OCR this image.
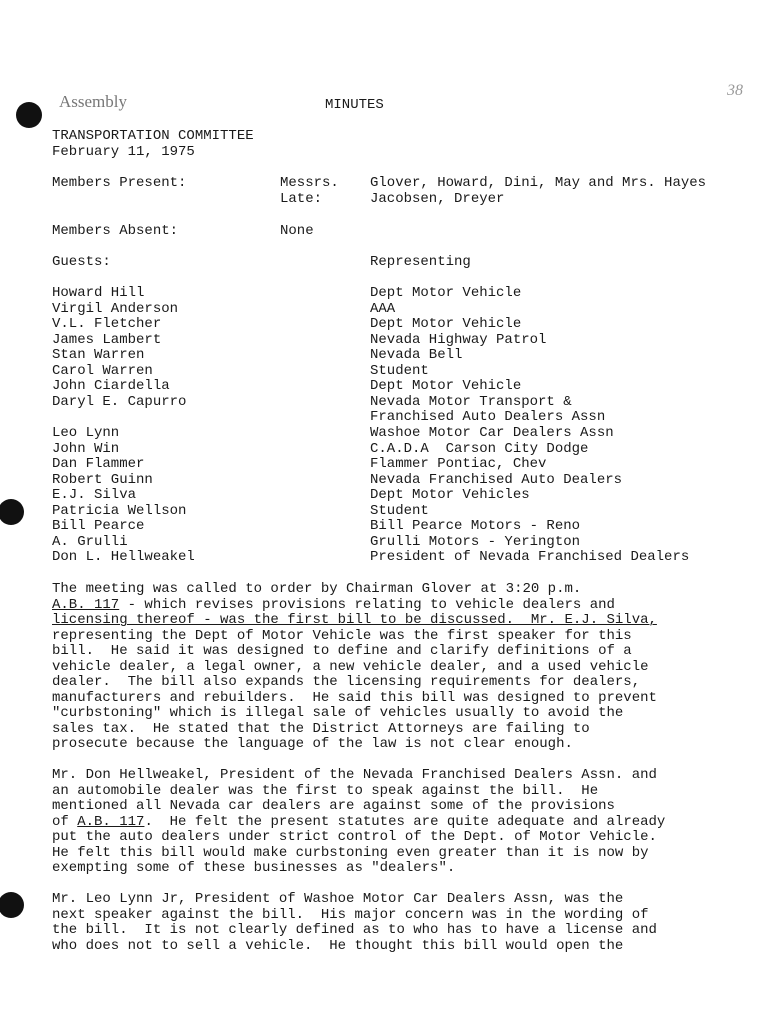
Assembly	MINUTES
38
TRANSPORTATION COMMITTEE
February 11, 1975
Members Present:	Messrs. Glover, Howard, Dini, May and Mrs. Hayes
Late:	Jacobsen, Dreyer
Members Absent:	None
Guests:	Representing
Howard Hill	Dept Motor Vehicle
Virgil Anderson	AAA
V.L. Fletcher	Dept Motor Vehicle
James Lambert	Nevada Highway Patrol
Stan Warren	Nevada Bell
Carol Warren	Student
John Ciardella	Dept Motor Vehicle
Daryl E. Capurro	Nevada Motor Transport &
Franchised Auto Dealers Assn
Leo Lynn	Washoe Motor Car Dealers Assn
John Win	C.A.D.A  Carson City Dodge
Dan Flammer	Flammer Pontiac, Chev
Robert Guinn	Nevada Franchised Auto Dealers
E.J. Silva	Dept Motor Vehicles
Patricia Wellson	Student
Bill Pearce	Bill Pearce Motors - Reno
A. Grulli	Grulli Motors - Yerington
Don L. Hellweakel	President of Nevada Franchised Dealers
The meeting was called to order by Chairman Glover at 3:20 p.m.
A.B. 117 - which revises provisions relating to vehicle dealers and
licensing thereof - was the first bill to be discussed.  Mr. E.J. Silva,
representing the Dept of Motor Vehicle was the first speaker for this
bill.  He said it was designed to define and clarify definitions of a
vehicle dealer, a legal owner, a new vehicle dealer, and a used vehicle
dealer.  The bill also expands the licensing requirements for dealers,
manufacturers and rebuilders.  He said this bill was designed to prevent
"curbstoning" which is illegal sale of vehicles usually to avoid the
sales tax.  He stated that the District Attorneys are failing to
prosecute because the language of the law is not clear enough.
Mr. Don Hellweakel, President of the Nevada Franchised Dealers Assn. and
an automobile dealer was the first to speak against the bill.  He
mentioned all Nevada car dealers are against some of the provisions
of A.B. 117.  He felt the present statutes are quite adequate and already
put the auto dealers under strict control of the Dept. of Motor Vehicle.
He felt this bill would make curbstoning even greater than it is now by
exempting some of these businesses as "dealers".
Mr. Leo Lynn Jr, President of Washoe Motor Car Dealers Assn, was the
next speaker against the bill.  His major concern was in the wording of
the bill.  It is not clearly defined as to who has to have a license and
who does not to sell a vehicle.  He thought this bill would open the
